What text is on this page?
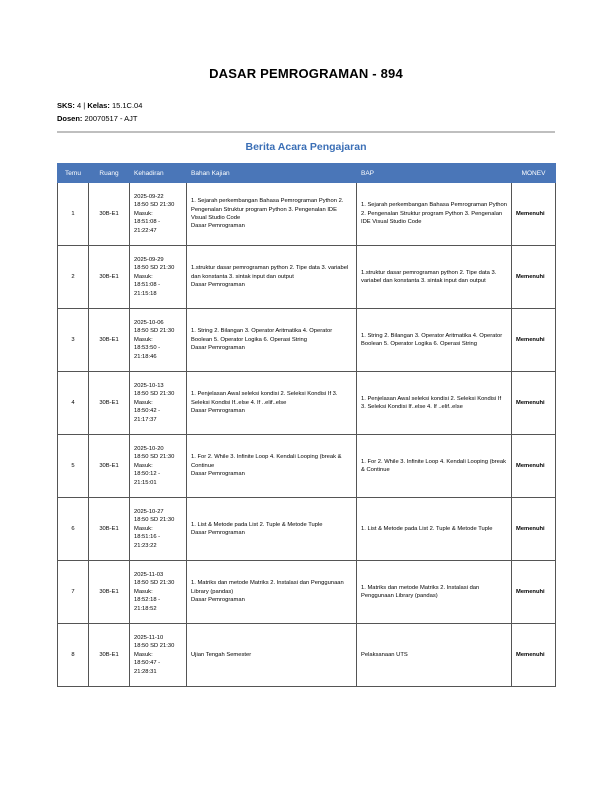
DASAR PEMROGRAMAN - 894
SKS: 4 | Kelas: 15.1C.04
Dosen: 20070517 - AJT
Berita Acara Pengajaran
Temu	Ruang	Kehadiran	Bahan Kajian	BAP	MONEV
1	30B-E1	2025-09-22
18:50 SD 21:30
Masuk:
18:51:08 -
21:22:47	1. Sejarah perkembangan Bahasa Pemrograman Python 2. Pengenalan Struktur program Python 3. Pengenalan IDE Visual Studio Code
Dasar Pemrograman	1. Sejarah perkembangan Bahasa Pemrograman Python 2. Pengenalan Struktur program Python 3. Pengenalan IDE Visual Studio Code	Memenuhi
2	30B-E1	2025-09-29
18:50 SD 21:30
Masuk:
18:51:08 -
21:15:18	1.struktur dasar pemrograman python 2. Tipe data 3. variabel dan konstanta 3. sintak input dan output
Dasar Pemrograman	1.struktur dasar pemrograman python 2. Tipe data 3. variabel dan konstanta 3. sintak input dan output	Memenuhi
3	30B-E1	2025-10-06
18:50 SD 21:30
Masuk:
18:53:50 -
21:18:46	1. String 2. Bilangan 3. Operator Aritmatika 4. Operator Boolean 5. Operator Logika 6. Operasi String
Dasar Pemrograman	1. String 2. Bilangan 3. Operator Aritmatika 4. Operator Boolean 5. Operator Logika 6. Operasi String	Memenuhi
4	30B-E1	2025-10-13
18:50 SD 21:30
Masuk:
18:50:42 -
21:17:37	1. Penjelasan Awal seleksi kondisi 2. Seleksi Kondisi If 3. Seleksi Kondisi If..else 4. If ..elif..else
Dasar Pemrograman	1. Penjelasan Awal seleksi kondisi 2. Seleksi Kondisi If 3. Seleksi Kondisi If..else 4. If ..elif..else	Memenuhi
5	30B-E1	2025-10-20
18:50 SD 21:30
Masuk:
18:50:12 -
21:15:01	1. For 2. While 3. Infinite Loop 4. Kendali Looping (break & Continue
Dasar Pemrograman	1. For 2. While 3. Infinite Loop 4. Kendali Looping (break & Continue	Memenuhi
6	30B-E1	2025-10-27
18:50 SD 21:30
Masuk:
18:51:16 -
21:23:22	1. List & Metode pada List 2. Tuple & Metode Tuple
Dasar Pemrograman	1. List & Metode pada List 2. Tuple & Metode Tuple	Memenuhi
7	30B-E1	2025-11-03
18:50 SD 21:30
Masuk:
18:52:18 -
21:18:52	1. Matriks dan metode Matriks 2. Instalasi dan Penggunaan Library (pandas)
Dasar Pemrograman	1. Matriks dan metode Matriks 2. Instalasi dan Penggunaan Library (pandas)	Memenuhi
8	30B-E1	2025-11-10
18:50 SD 21:30
Masuk:
18:50:47 -
21:28:31	Ujian Tengah Semester	Pelaksanaan UTS	Memenuhi
